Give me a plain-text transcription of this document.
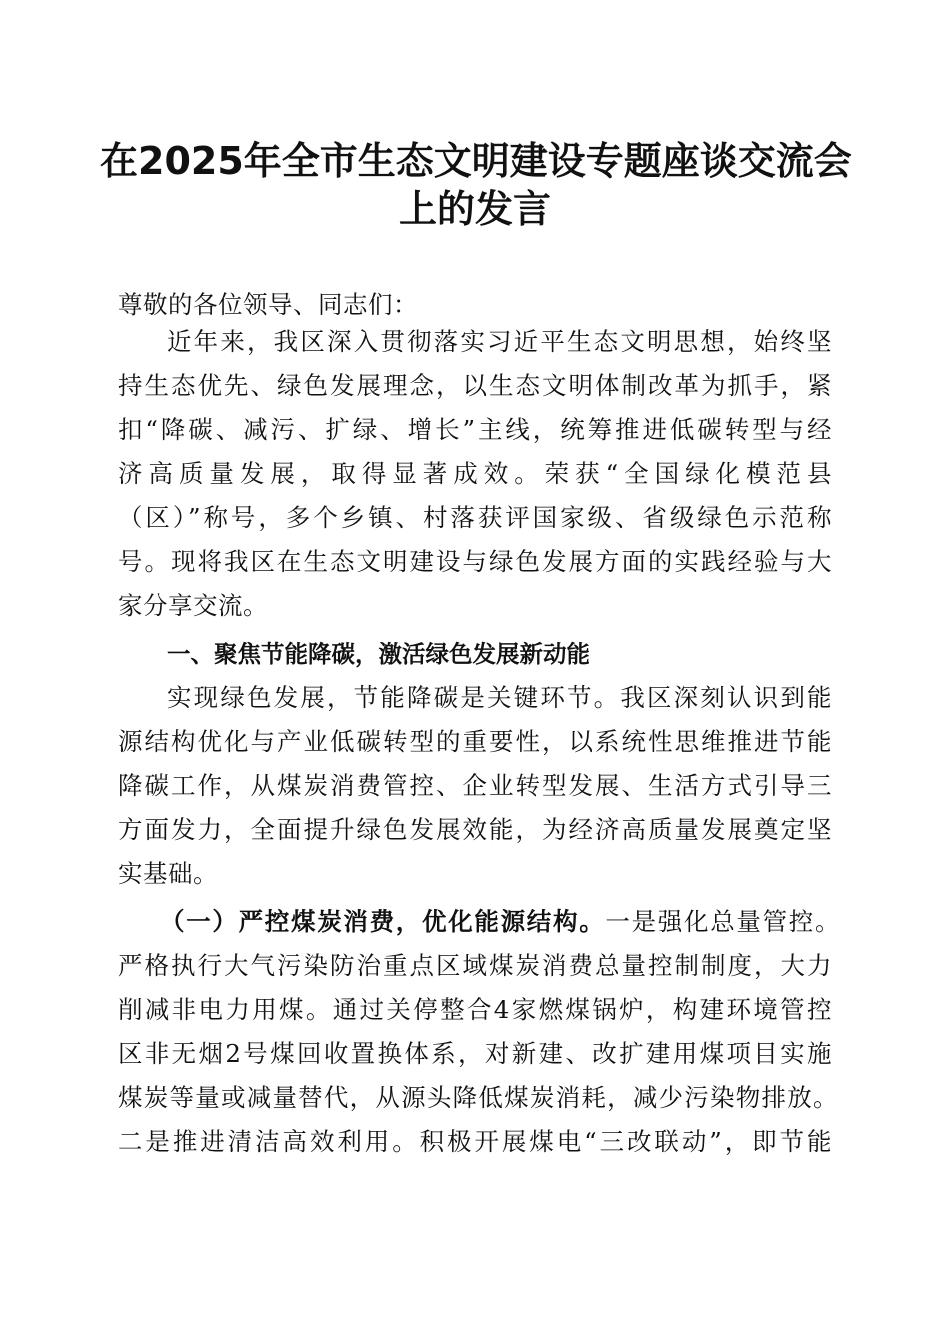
在2025年全市生态文明建设专题座谈交流会
上的发言
尊敬的各位领导、同志们：
近年来，我区深入贯彻落实习近平生态文明思想，始终坚
持生态优先、绿色发展理念，以生态文明体制改革为抓手，紧
扣“降碳、减污、扩绿、增长”主线，统筹推进低碳转型与经
济高质量发展，取得显著成效。荣获“全国绿化模范县
（区）”称号，多个乡镇、村落获评国家级、省级绿色示范称
号。现将我区在生态文明建设与绿色发展方面的实践经验与大
家分享交流。
一、聚焦节能降碳，激活绿色发展新动能
实现绿色发展，节能降碳是关键环节。我区深刻认识到能
源结构优化与产业低碳转型的重要性，以系统性思维推进节能
降碳工作，从煤炭消费管控、企业转型发展、生活方式引导三
方面发力，全面提升绿色发展效能，为经济高质量发展奠定坚
实基础。
（一）严控煤炭消费，优化能源结构。一是强化总量管控。
严格执行大气污染防治重点区域煤炭消费总量控制制度，大力
削减非电力用煤。通过关停整合4家燃煤锅炉，构建环境管控
区非无烟2号煤回收置换体系，对新建、改扩建用煤项目实施
煤炭等量或减量替代，从源头降低煤炭消耗，减少污染物排放。
二是推进清洁高效利用。积极开展煤电“三改联动”，即节能
